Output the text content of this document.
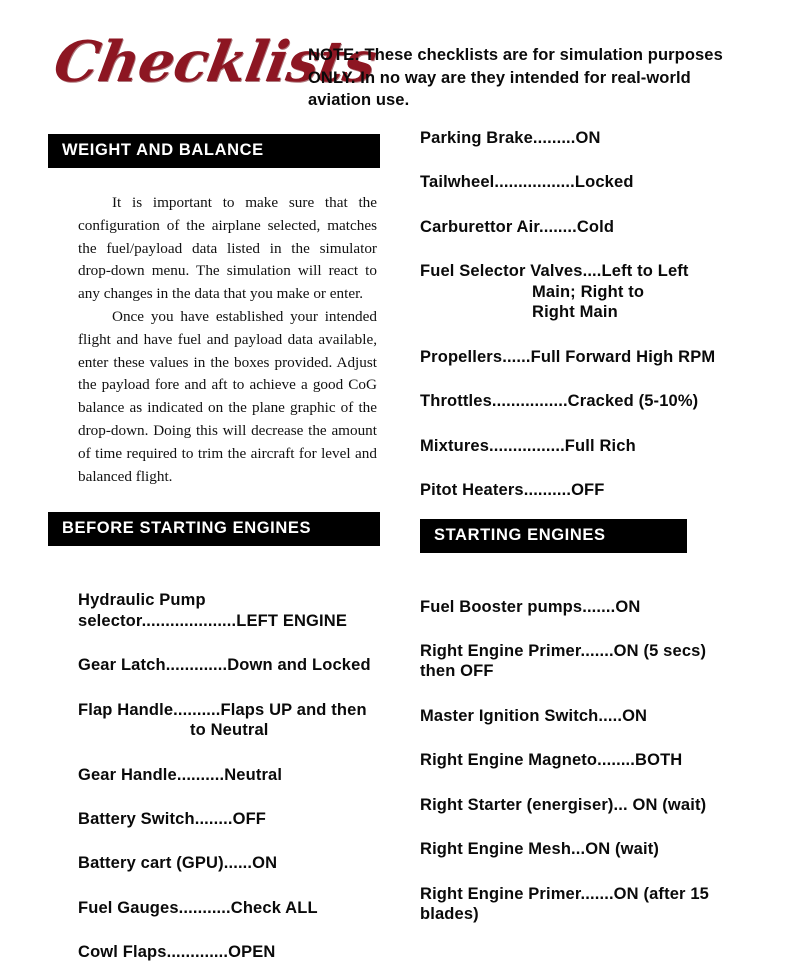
Checklists
NOTE: These checklists are for simulation purposes
ONLY. In no way are they intended for real-world
aviation use.
WEIGHT AND BALANCE

It is important to make sure that the configuration of the airplane selected, matches the fuel/payload data listed in the simulator drop-down menu. The simulation will react to any changes in the data that you make or enter.

Once you have established your intended flight and have fuel and payload data available, enter these values in the boxes provided. Adjust the payload fore and aft to achieve a good CoG balance as indicated on the plane graphic of the drop-down. Doing this will decrease the amount of time required to trim the aircraft for level and balanced flight.

BEFORE STARTING ENGINES
Hydraulic Pump
selector....................LEFT ENGINE
Gear Latch.............Down and Locked
Flap Handle..........Flaps UP and then
to Neutral
Gear Handle..........Neutral
Battery Switch........OFF
Battery cart (GPU)......ON
Fuel Gauges...........Check ALL
Cowl Flaps.............OPEN
Parking Brake.........ON
Tailwheel.................Locked
Carburettor Air........Cold
Fuel Selector Valves....Left to Left
Main; Right to
Right Main
Propellers......Full Forward High RPM
Throttles................Cracked (5-10%)
Mixtures................Full Rich
Pitot Heaters..........OFF
STARTING ENGINES
Fuel Booster pumps.......ON
Right Engine Primer.......ON (5 secs)
then OFF
Master Ignition Switch.....ON
Right Engine Magneto........BOTH
Right Starter (energiser)... ON (wait)
Right Engine Mesh...ON (wait)
Right Engine Primer.......ON (after 15
blades)
